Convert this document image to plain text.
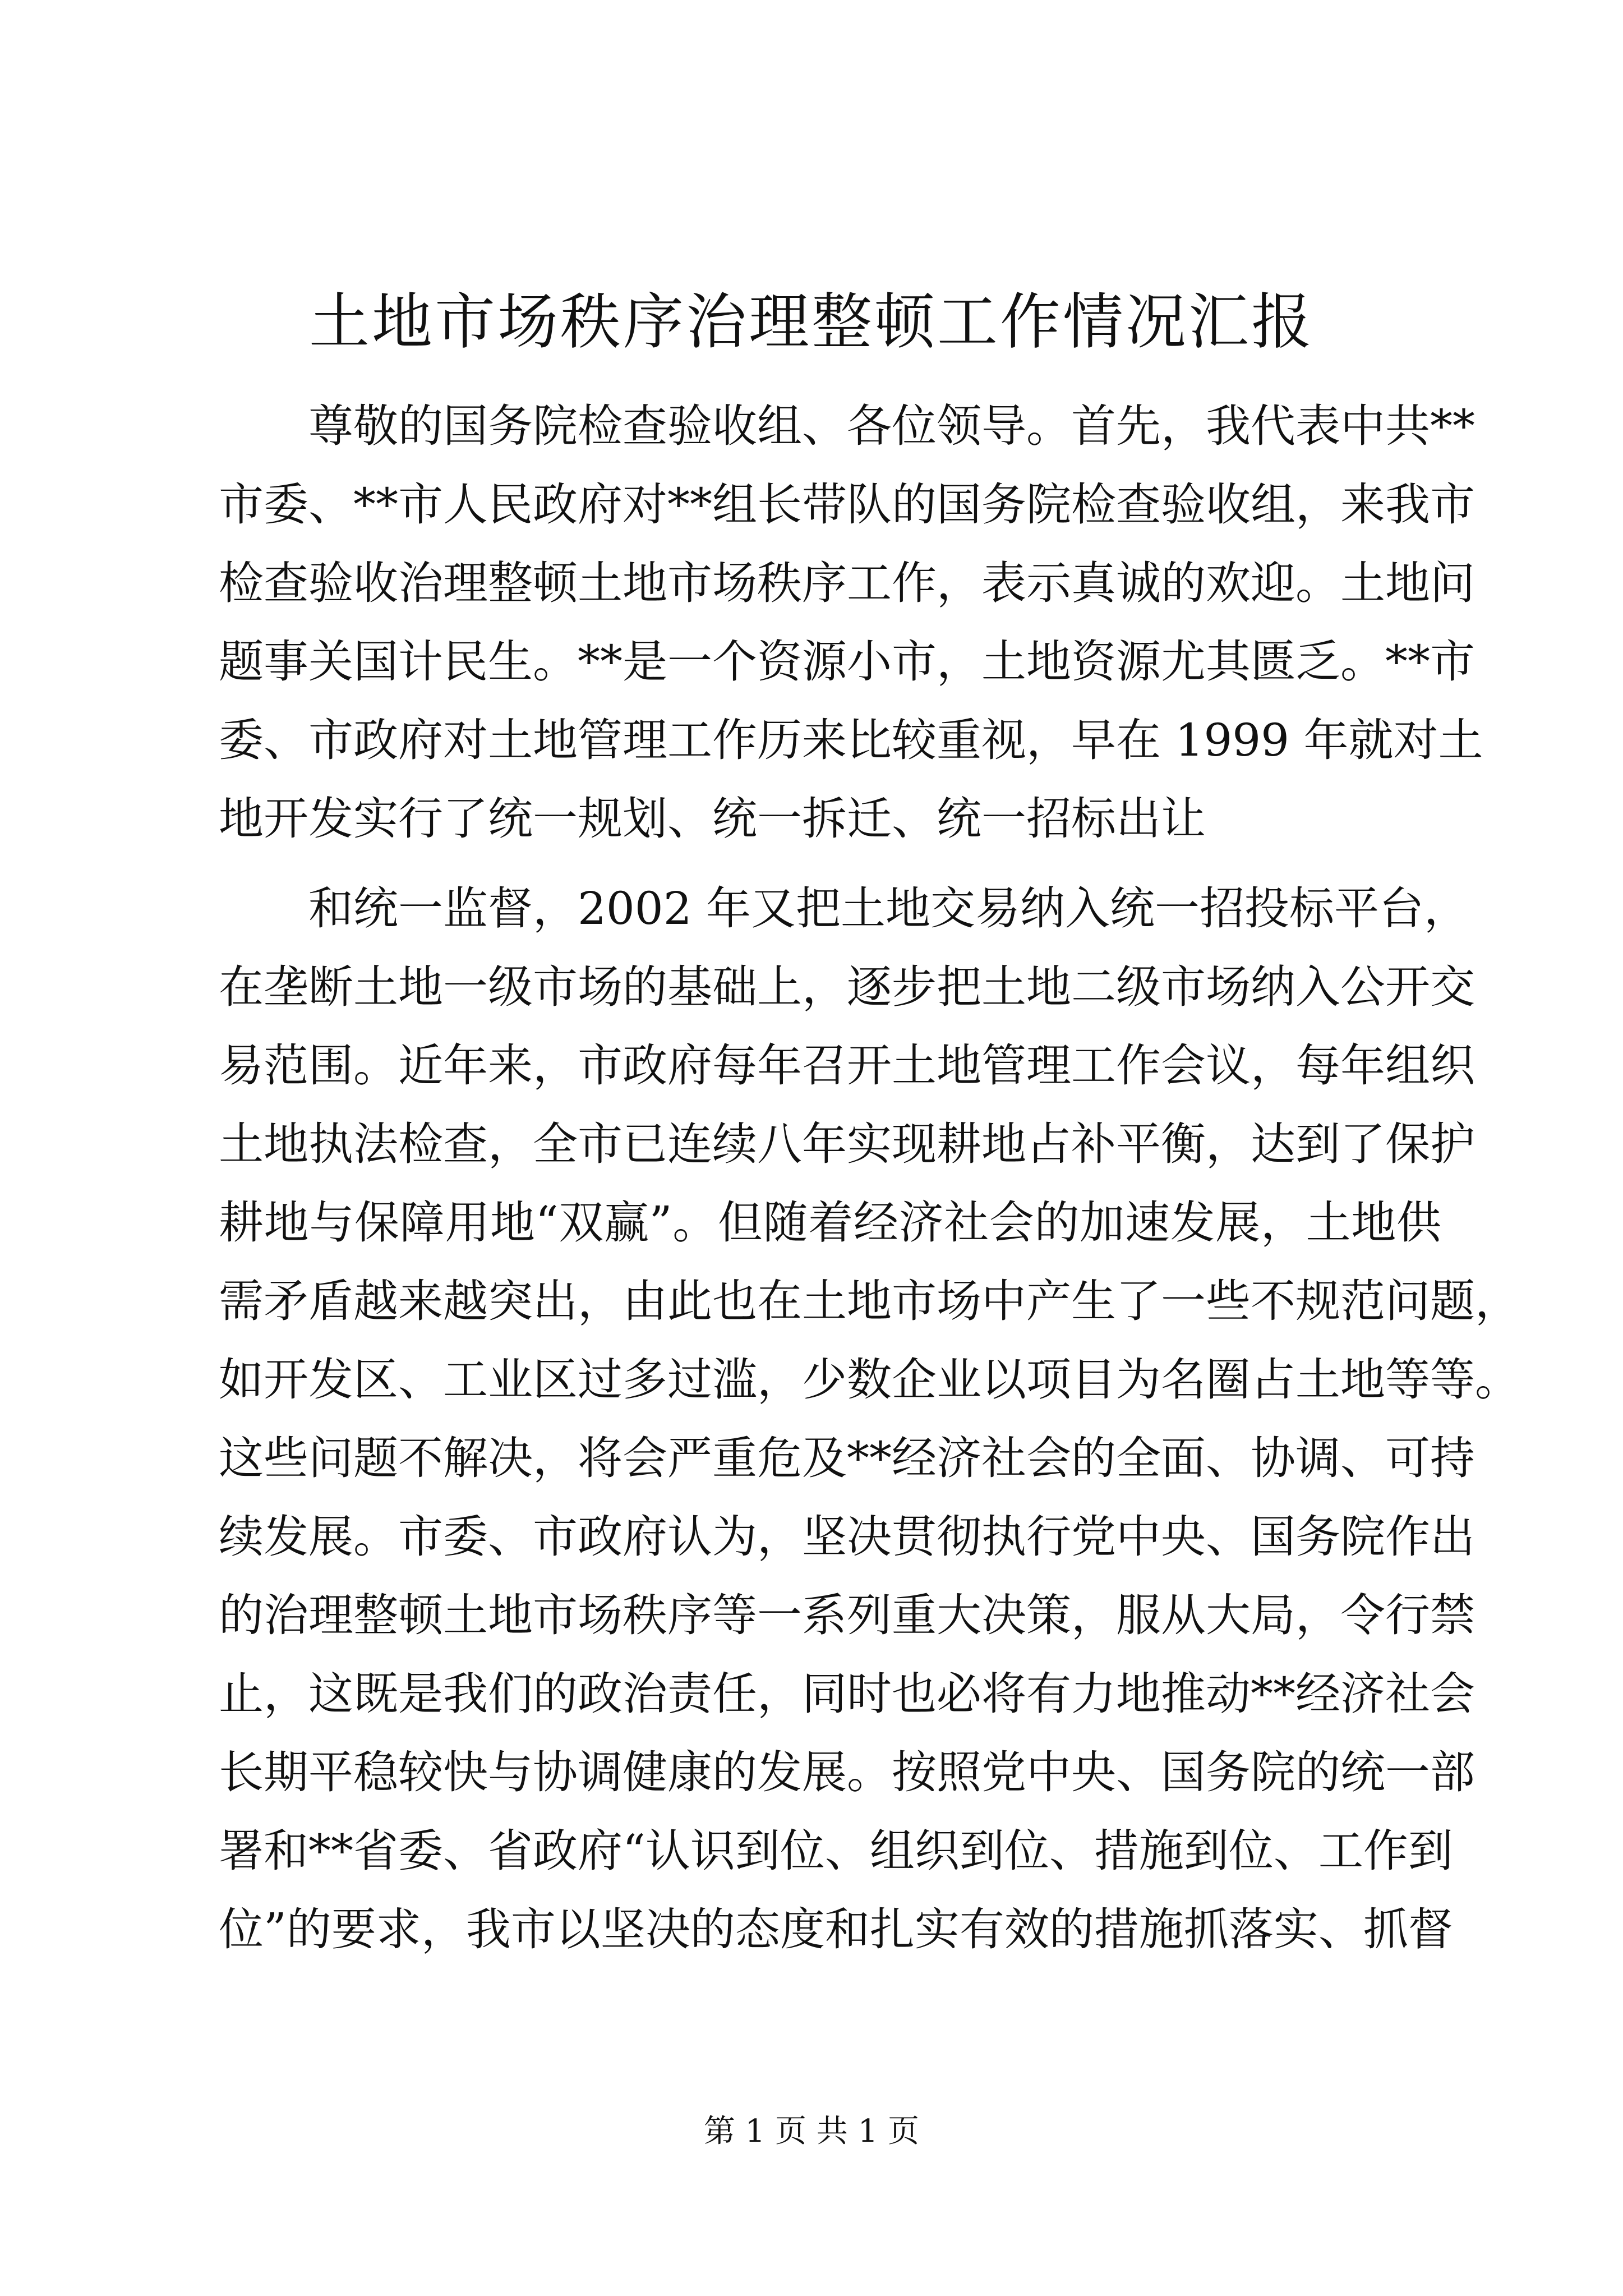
土地市场秩序治理整顿工作情况汇报

尊敬的国务院检查验收组、各位领导。首先，我代表中共**

市委、**市人民政府对**组长带队的国务院检查验收组，来我市

检查验收治理整顿土地市场秩序工作，表示真诚的欢迎。土地问

题事关国计民生。**是一个资源小市，土地资源尤其匮乏。**市

委、市政府对土地管理工作历来比较重视，早在 1999 年就对土

地开发实行了统一规划、统一拆迁、统一招标出让

和统一监督，2002 年又把土地交易纳入统一招投标平台，

在垄断土地一级市场的基础上，逐步把土地二级市场纳入公开交

易范围。近年来，市政府每年召开土地管理工作会议，每年组织

土地执法检查，全市已连续八年实现耕地占补平衡，达到了保护

耕地与保障用地“双赢”。但随着经济社会的加速发展，土地供

需矛盾越来越突出，由此也在土地市场中产生了一些不规范问题，

如开发区、工业区过多过滥，少数企业以项目为名圈占土地等等。

这些问题不解决，将会严重危及**经济社会的全面、协调、可持

续发展。市委、市政府认为，坚决贯彻执行党中央、国务院作出

的治理整顿土地市场秩序等一系列重大决策，服从大局，令行禁

止，这既是我们的政治责任，同时也必将有力地推动**经济社会

长期平稳较快与协调健康的发展。按照党中央、国务院的统一部

署和**省委、省政府“认识到位、组织到位、措施到位、工作到

位”的要求，我市以坚决的态度和扎实有效的措施抓落实、抓督

第 1 页 共 1 页
